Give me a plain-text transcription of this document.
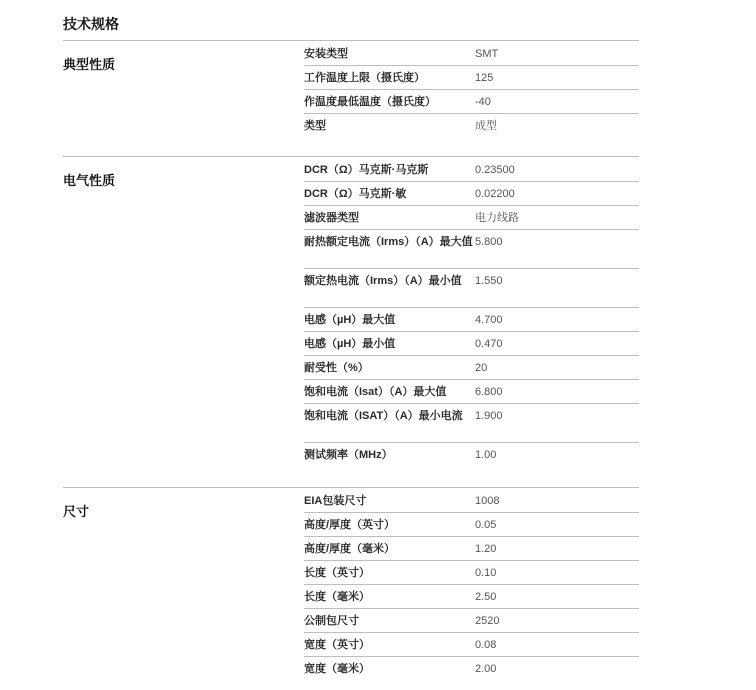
技术规格
典型性质
安装类型	SMT
工作温度上限（摄氏度）	125
作温度最低温度（摄氏度）	-40
类型	成型
电气性质
DCR（Ω）马克斯·马克斯	0.23500
DCR（Ω）马克斯·敏	0.02200
滤波器类型	电力线路
耐热额定电流（Irms）（A）最大值 5.800
额定热电流（Irms）（A）最小值	1.550
电感（µH）最大值	4.700
电感（µH）最小值	0.470
耐受性（%）	20
饱和电流（Isat）（A）最大值	6.800
饱和电流（ISAT）（A）最小电流	1.900
测试频率（MHz）	1.00
尺寸
EIA包装尺寸	1008
高度/厚度（英寸）	0.05
高度/厚度（毫米）	1.20
长度（英寸）	0.10
长度（毫米）	2.50
公制包尺寸	2520
宽度（英寸）	0.08
宽度（毫米）	2.00
